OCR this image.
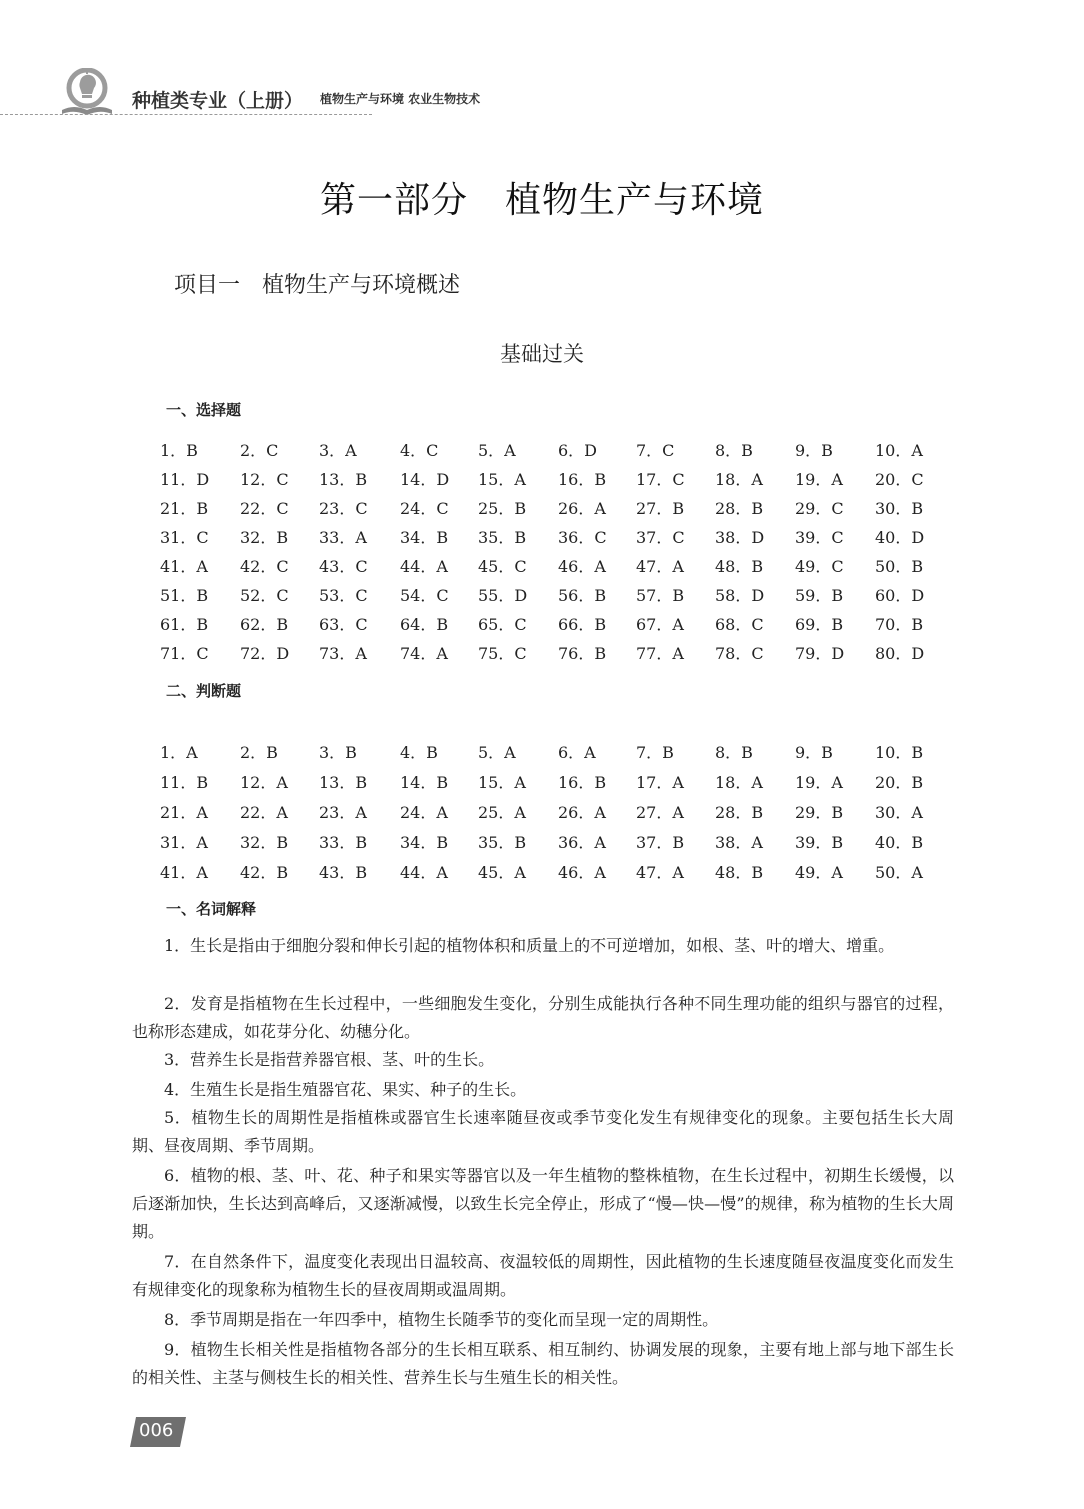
种植类专业（上册） 植物生产与环境 农业生物技术
第一部分　植物生产与环境
项目一　植物生产与环境概述
基础过关
一、选择题
1．B	2．C	3．A	4．C 5．A	6．D 7．C	8．B	9．B	10．A
11．D 12．C 13．B 14．D 15．A 16．B 17．C 18．A 19．A 20．C
21．B 22．C 23．C 24．C 25．B 26．A 27．B 28．B 29．C 30．B
31．C 32．B 33．A 34．B 35．B 36．C 37．C 38．D 39．C 40．D
41．A 42．C 43．C 44．A 45．C 46．A 47．A 48．B 49．C 50．B
51．B 52．C 53．C 54．C 55．D 56．B 57．B 58．D 59．B 60．D
61．B 62．B 63．C 64．B 65．C 66．B 67．A 68．C 69．B 70．B
71．C 72．D 73．A 74．A 75．C 76．B 77．A 78．C 79．D 80．D
二、判断题
1．A	2．B	3．B	4．B	5．A	6．A	7．B	8．B	9．B	10．B
11．B 12．A 13．B 14．B 15．A 16．B 17．A 18．A 19．A 20．B
21．A 22．A 23．A 24．A 25．A 26．A 27．A 28．B 29．B 30．A
31．A 32．B 33．B 34．B 35．B 36．A 37．B 38．A 39．B 40．B
41．A 42．B 43．B 44．A 45．A 46．A 47．A 48．B 49．A 50．A
一、名词解释
1．生长是指由于细胞分裂和伸长引起的植物体积和质量上的不可逆增加，如根、茎、叶的增大、增重。
2．发育是指植物在生长过程中，一些细胞发生变化，分别生成能执行各种不同生理功能的组织与器官的过程，也称形态建成，如花芽分化、幼穗分化。
3．营养生长是指营养器官根、茎、叶的生长。
4．生殖生长是指生殖器官花、果实、种子的生长。
5．植物生长的周期性是指植株或器官生长速率随昼夜或季节变化发生有规律变化的现象。主要包括生长大周期、昼夜周期、季节周期。
6．植物的根、茎、叶、花、种子和果实等器官以及一年生植物的整株植物，在生长过程中，初期生长缓慢，以后逐渐加快，生长达到高峰后，又逐渐减慢，以致生长完全停止，形成了“慢—快—慢”的规律，称为植物的生长大周期。
7．在自然条件下，温度变化表现出日温较高、夜温较低的周期性，因此植物的生长速度随昼夜温度变化而发生有规律变化的现象称为植物生长的昼夜周期或温周期。
8．季节周期是指在一年四季中，植物生长随季节的变化而呈现一定的周期性。
9．植物生长相关性是指植物各部分的生长相互联系、相互制约、协调发展的现象，主要有地上部与地下部生长的相关性、主茎与侧枝生长的相关性、营养生长与生殖生长的相关性。
006
